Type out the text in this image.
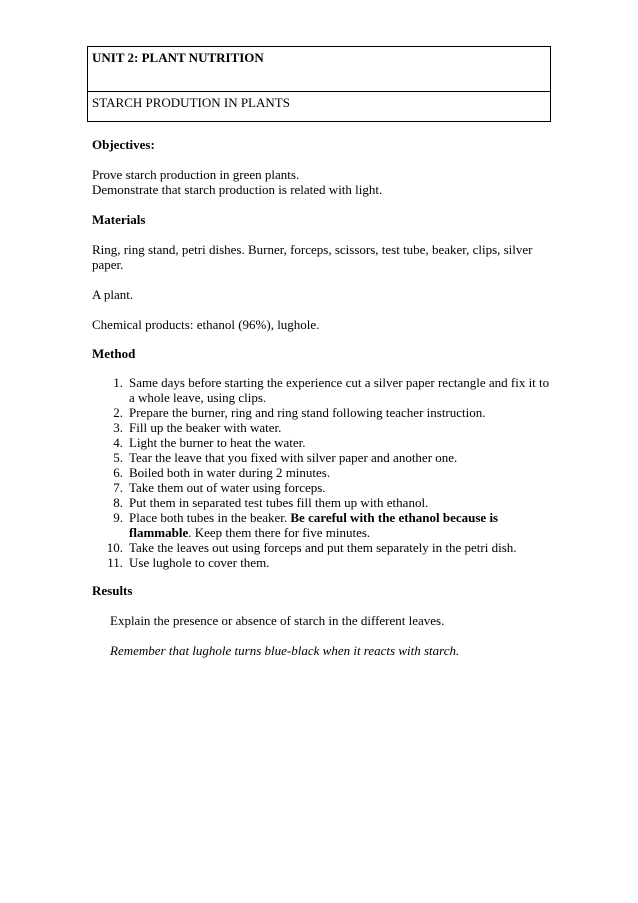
UNIT 2: PLANT NUTRITION
STARCH PRODUTION IN PLANTS
Objectives:
Prove starch production in green plants.
Demonstrate that starch production is related with light.
Materials
Ring, ring stand, petri dishes. Burner, forceps, scissors, test tube, beaker, clips, silver paper.
A plant.
Chemical products: ethanol (96%), lughole.
Method
1. Same days before starting the experience cut a silver paper rectangle and fix it to a whole leave, using clips.
2. Prepare the burner, ring and ring stand following teacher instruction.
3. Fill up the beaker with water.
4. Light the burner to heat the water.
5. Tear the leave that you fixed with silver paper and another one.
6. Boiled both in water during 2 minutes.
7. Take them out of water using forceps.
8. Put them in separated test tubes fill them up with ethanol.
9. Place both tubes in the beaker. Be careful with the ethanol because is flammable. Keep them there for five minutes.
10. Take the leaves out using forceps and put them separately in the petri dish.
11. Use lughole to cover them.
Results
Explain the presence or absence of starch in the different leaves.
Remember that lughole turns blue-black when it reacts with starch.
